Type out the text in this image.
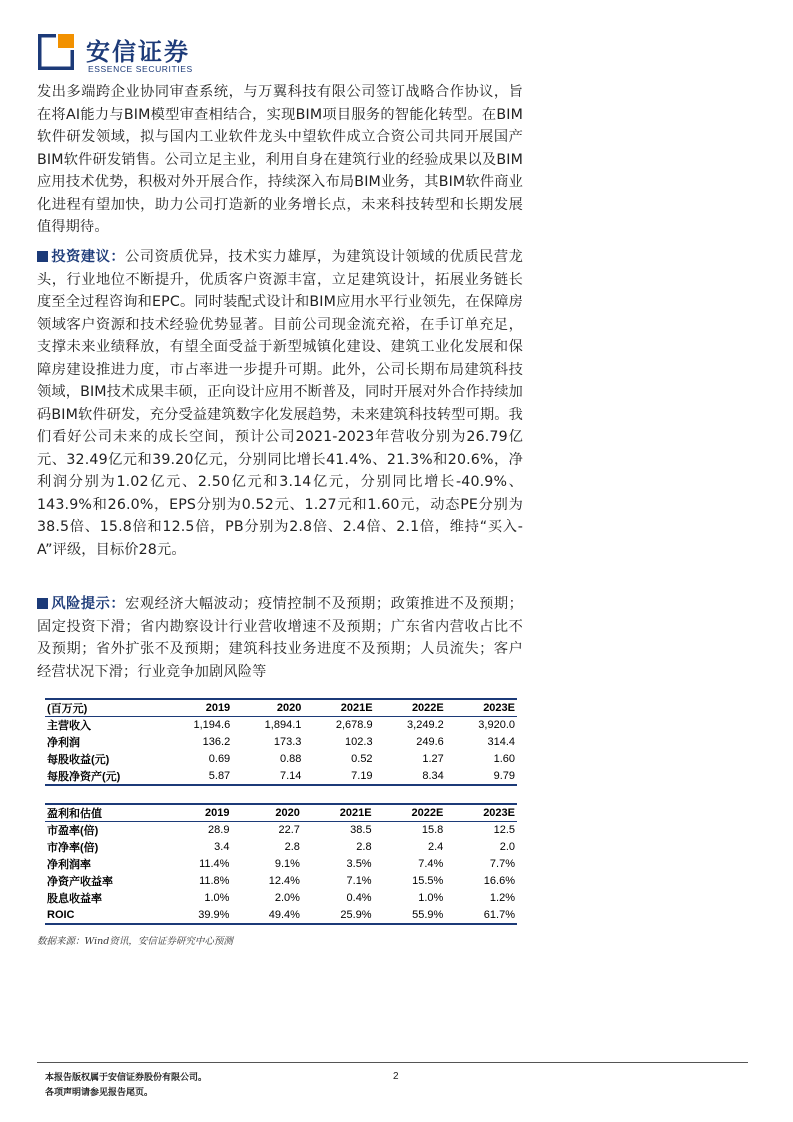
安信证券
ESSENCE SECURITIES
发出多端跨企业协同审查系统，与万翼科技有限公司签订战略合作协议，旨在将AI能力与BIM模型审查相结合，实现BIM项目服务的智能化转型。在BIM软件研发领域，拟与国内工业软件龙头中望软件成立合资公司共同开展国产BIM软件研发销售。公司立足主业，利用自身在建筑行业的经验成果以及BIM应用技术优势，积极对外开展合作，持续深入布局BIM业务，其BIM软件商业化进程有望加快，助力公司打造新的业务增长点，未来科技转型和长期发展值得期待。
投资建议：公司资质优异，技术实力雄厚，为建筑设计领域的优质民营龙头，行业地位不断提升，优质客户资源丰富，立足建筑设计，拓展业务链长度至全过程咨询和EPC。同时装配式设计和BIM应用水平行业领先，在保障房领域客户资源和技术经验优势显著。目前公司现金流充裕，在手订单充足，支撑未来业绩释放，有望全面受益于新型城镇化建设、建筑工业化发展和保障房建设推进力度，市占率进一步提升可期。此外，公司长期布局建筑科技领域，BIM技术成果丰硕，正向设计应用不断普及，同时开展对外合作持续加码BIM软件研发，充分受益建筑数字化发展趋势，未来建筑科技转型可期。我们看好公司未来的成长空间，预计公司2021-2023年营收分别为26.79亿元、32.49亿元和39.20亿元，分别同比增长41.4%、21.3%和20.6%，净利润分别为1.02亿元、2.50亿元和3.14亿元，分别同比增长-40.9%、143.9%和26.0%，EPS分别为0.52元、1.27元和1.60元，动态PE分别为38.5倍、15.8倍和12.5倍，PB分别为2.8倍、2.4倍、2.1倍，维持“买入-A”评级，目标价28元。
风险提示：宏观经济大幅波动；疫情控制不及预期；政策推进不及预期；固定投资下滑；省内勘察设计行业营收增速不及预期；广东省内营收占比不及预期；省外扩张不及预期；建筑科技业务进度不及预期；人员流失；客户经营状况下滑；行业竞争加剧风险等
(百万元)	2019	2020	2021E	2022E	2023E
主营收入	1,194.6	1,894.1	2,678.9	3,249.2	3,920.0
净利润	136.2	173.3	102.3	249.6	314.4
每股收益(元)	0.69	0.88	0.52	1.27	1.60
每股净资产(元)	5.87	7.14	7.19	8.34	9.79
盈利和估值	2019	2020	2021E	2022E	2023E
市盈率(倍)	28.9	22.7	38.5	15.8	12.5
市净率(倍)	3.4	2.8	2.8	2.4	2.0
净利润率	11.4%	9.1%	3.5%	7.4%	7.7%
净资产收益率	11.8%	12.4%	7.1%	15.5%	16.6%
股息收益率	1.0%	2.0%	0.4%	1.0%	1.2%
ROIC	39.9%	49.4%	25.9%	55.9%	61.7%
数据来源：Wind资讯，安信证券研究中心预测
本报告版权属于安信证券股份有限公司。
各项声明请参见报告尾页。
2
